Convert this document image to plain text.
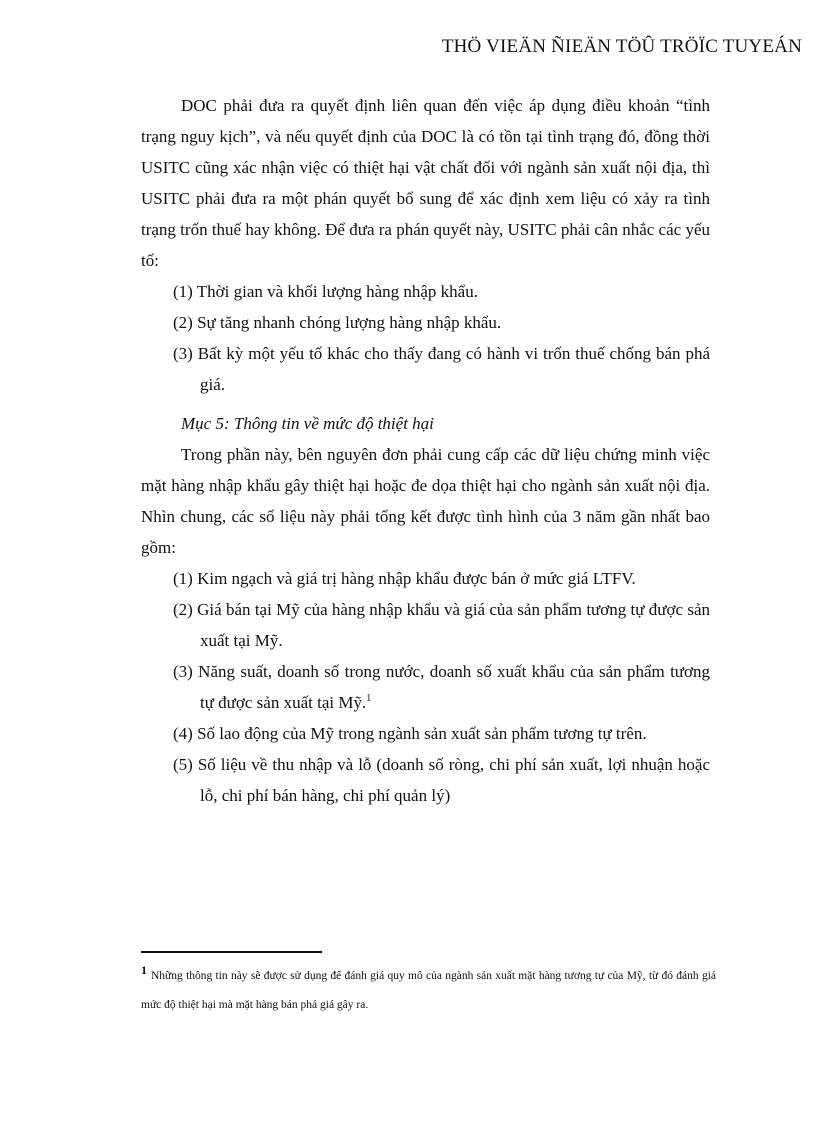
THÖ VIEÄN ÑIEÄN TÖÛ TRÖÏC TUYEÁN

DOC phải đưa ra quyết định liên quan đến việc áp dụng điều khoản “tình trạng nguy kịch”, và nếu quyết định của DOC là có tồn tại tình trạng đó, đồng thời USITC cũng xác nhận việc có thiệt hại vật chất đối với ngành sản xuất nội địa, thì USITC phải đưa ra một phán quyết bổ sung để xác định xem liệu có xảy ra tình trạng trốn thuế hay không. Để đưa ra phán quyết này, USITC phải cân nhắc các yếu tố:

(1) Thời gian và khối lượng hàng nhập khẩu.

(2) Sự tăng nhanh chóng lượng hàng nhập khẩu.

(3) Bất kỳ một yếu tố khác cho thấy đang có hành vi trốn thuế chống bán phá giá.

Mục 5: Thông tin về mức độ thiệt hại

Trong phần này, bên nguyên đơn phải cung cấp các dữ liệu chứng minh việc mặt hàng nhập khẩu gây thiệt hại hoặc đe dọa thiệt hại cho ngành sản xuất nội địa. Nhìn chung, các số liệu này phải tổng kết được tình hình của 3 năm gần nhất bao gồm:

(1) Kim ngạch và giá trị hàng nhập khẩu được bán ở mức giá LTFV.

(2) Giá bán tại Mỹ của hàng nhập khẩu và giá của sản phẩm tương tự được sản xuất tại Mỹ.

(3) Năng suất, doanh số trong nước, doanh số xuất khẩu của sản phẩm tương tự được sản xuất tại Mỹ.$^1$

(4) Số lao động của Mỹ trong ngành sản xuất sản phẩm tương tự trên.

(5) Số liệu về thu nhập và lỗ (doanh số ròng, chi phí sản xuất, lợi nhuận hoặc lỗ, chi phí bán hàng, chi phí quản lý)

1 Những thông tin này sẽ được sử dụng để đánh giá quy mô của ngành sản xuất mặt hàng tương tự của Mỹ, từ đó đánh giá mức độ thiệt hại mà mặt hàng bán phá giá gây ra.
